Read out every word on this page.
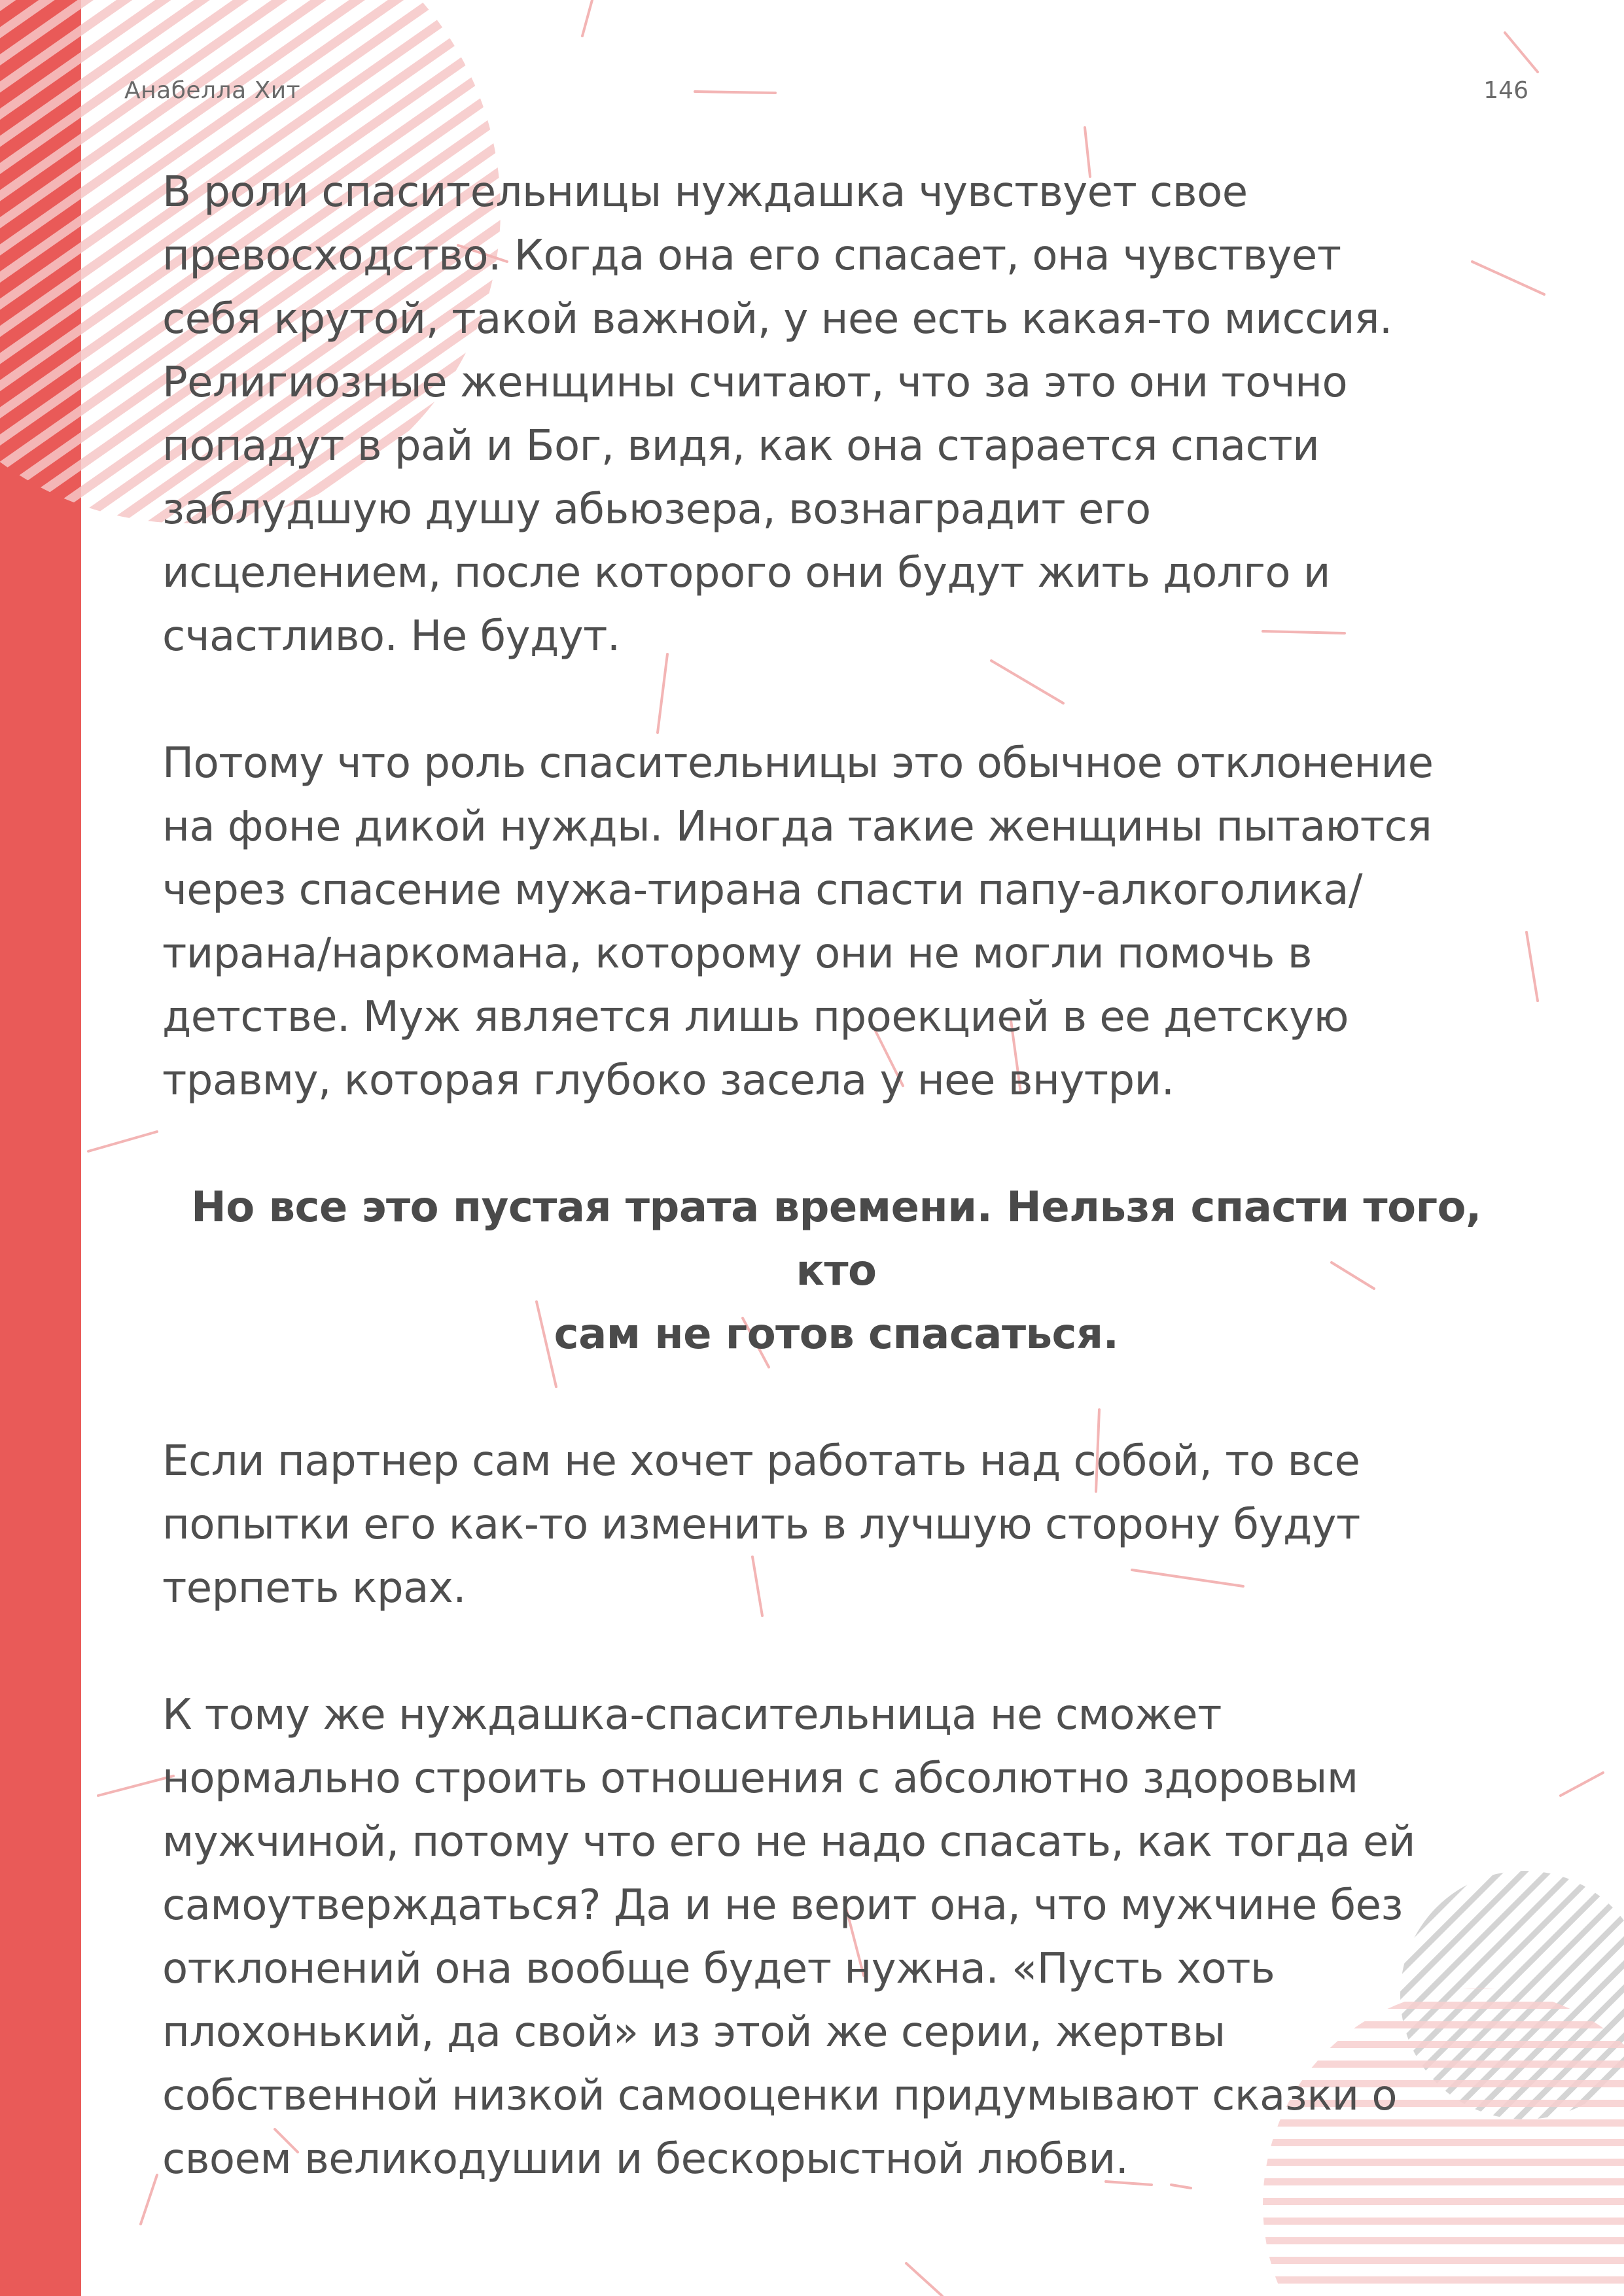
Анабелла Хит	146

В роли спасительницы нуждашка чувствует свое
превосходство. Когда она его спасает, она чувствует
себя крутой, такой важной, у нее есть какая-то миссия.
Религиозные женщины считают, что за это они точно
попадут в рай и Бог, видя, как она старается спасти
заблудшую душу абьюзера, вознаградит его
исцелением, после которого они будут жить долго и
счастливо. Не будут.

Потому что роль спасительницы это обычное отклонение
на фоне дикой нужды. Иногда такие женщины пытаются
через спасение мужа-тирана спасти папу-алкоголика/
тирана/наркомана, которому они не могли помочь в
детстве. Муж является лишь проекцией в ее детскую
травму, которая глубоко засела у нее внутри.

Но все это пустая трата времени. Нельзя спасти того, кто
сам не готов спасаться.

Если партнер сам не хочет работать над собой, то все
попытки его как-то изменить в лучшую сторону будут
терпеть крах.

К тому же нуждашка-спасительница не сможет
нормально строить отношения с абсолютно здоровым
мужчиной, потому что его не надо спасать, как тогда ей
самоутверждаться? Да и не верит она, что мужчине без
отклонений она вообще будет нужна. «Пусть хоть
плохонький, да свой» из этой же серии, жертвы
собственной низкой самооценки придумывают сказки о
своем великодушии и бескорыстной любви.
